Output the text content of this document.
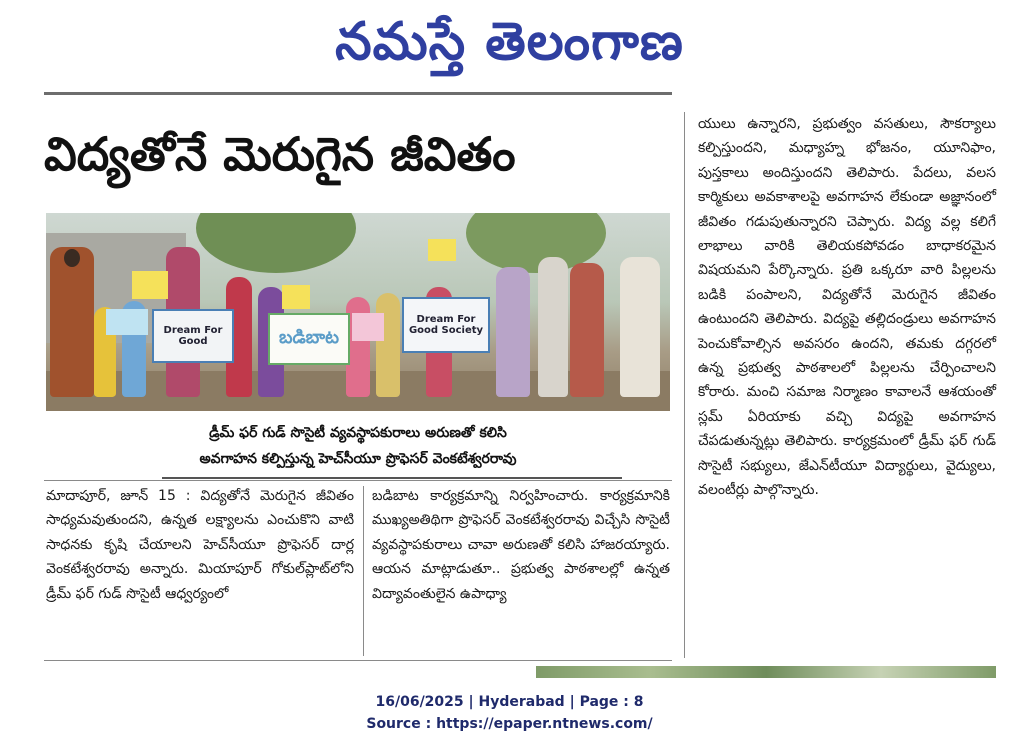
నమస్తే తెలంగాణ
విద్యతోనే మెరుగైన జీవితం
Dream For Good	బడిబాట
Dream For Good Society
డ్రీమ్ ఫర్ గుడ్ సొసైటీ వ్యవస్థాపకురాలు అరుణతో కలిసి
అవగాహన కల్పిస్తున్న హెచ్‌సీయూ ప్రొఫెసర్ వెంకటేశ్వరరావు
మాదాపూర్, జూన్ 15 : విద్యతోనే మెరుగైన జీవితం సాధ్యమవుతుందని, ఉన్నత లక్ష్యాలను ఎంచుకొని వాటి సాధనకు కృషి చేయాలని హెచ్‌సీయూ ప్రొఫెసర్ దార్ల వెంకటేశ్వరరావు అన్నారు. మియాపూర్ గోకుల్‌ప్లాట్‌లోని డ్రీమ్ ఫర్ గుడ్ సొసైటీ ఆధ్వర్యంలో
బడిబాట కార్యక్రమాన్ని నిర్వహించారు. కార్యక్రమానికి ముఖ్యఅతిథిగా ప్రొఫెసర్ వెంకటేశ్వరరావు విచ్చేసి సొసైటీ వ్యవస్థాపకురాలు చావా అరుణతో కలిసి హాజరయ్యారు. ఆయన మాట్లాడుతూ.. ప్రభుత్వ పాఠశాలల్లో ఉన్నత విద్యావంతులైన ఉపాధ్యా
యులు ఉన్నారని, ప్రభుత్వం వసతులు, సౌకర్యాలు కల్పిస్తుందని, మధ్యాహ్న భోజనం, యూనిఫాం, పుస్తకాలు అందిస్తుందని తెలిపారు. పేదలు, వలస కార్మికులు అవకాశాలపై అవగాహన లేకుండా అజ్ఞానంలో జీవితం గడుపుతున్నారని చెప్పారు. విద్య వల్ల కలిగే లాభాలు వారికి తెలియకపోవడం బాధాకరమైన విషయమని పేర్కొన్నారు. ప్రతి ఒక్కరూ వారి పిల్లలను బడికి పంపాలని, విద్యతోనే మెరుగైన జీవితం ఉంటుందని తెలిపారు. విద్యపై తల్లిదండ్రులు అవగాహన పెంచుకోవాల్సిన అవసరం ఉందని, తమకు దగ్గరలో ఉన్న ప్రభుత్వ పాఠశాలలో పిల్లలను చేర్పించాలని కోరారు. మంచి సమాజ నిర్మాణం కావాలనే ఆశయంతో స్లమ్ ఏరియాకు వచ్చి విద్యపై అవగాహన చేపడుతున్నట్లు తెలిపారు. కార్యక్రమంలో డ్రీమ్ ఫర్ గుడ్ సొసైటీ సభ్యులు, జేఎన్‌టీయూ విద్యార్థులు, వైద్యులు, వలంటీర్లు పాల్గొన్నారు.
16/06/2025 | Hyderabad | Page : 8
Source : https://epaper.ntnews.com/
